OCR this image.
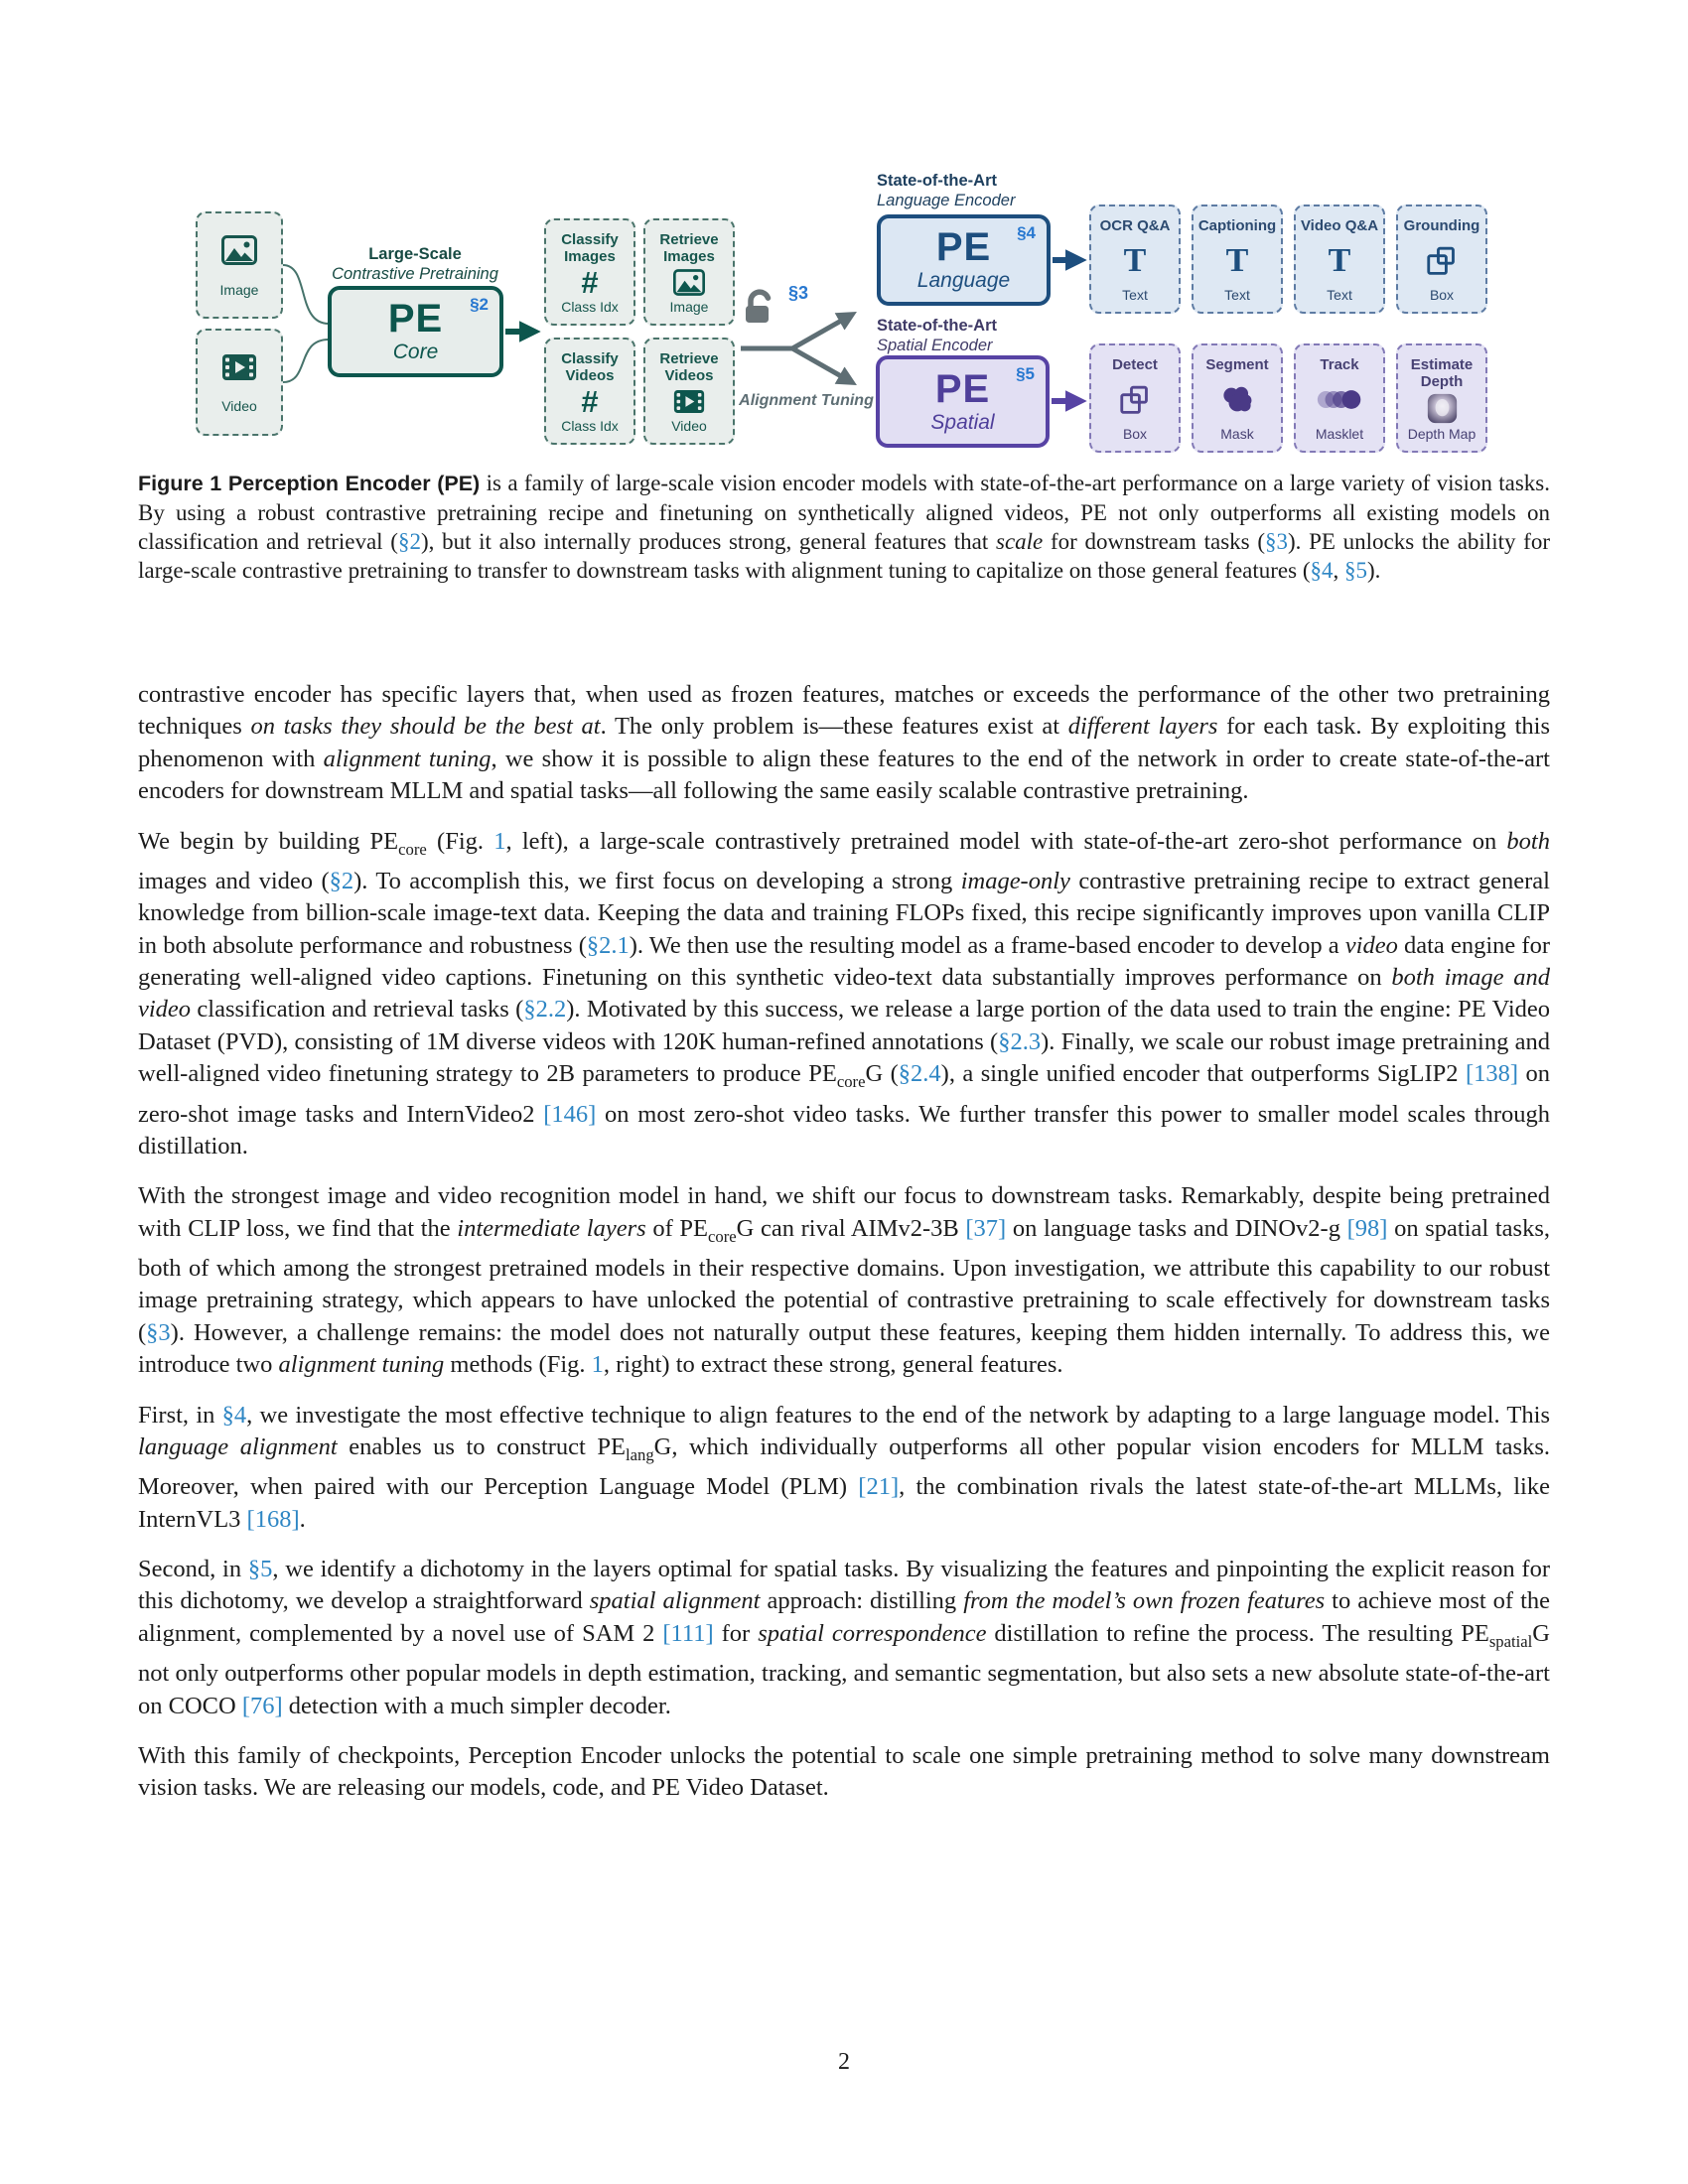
Image
Video
Large-Scale
Contrastive Pretraining
§2
PE
Core
Classify Images
#
Class Idx
Retrieve Images
Image
Classify Videos
#
Class Idx
Retrieve Videos
Video
§3
Alignment Tuning
State-of-the-Art
Language Encoder
§4
PE
Language
OCR Q&A
T
Text
Captioning
T
Text
Video Q&A
T
Text
Grounding
Box
State-of-the-Art
Spatial Encoder
§5
PE
Spatial
Detect
Box
Segment
Mask
Track
Masklet
Estimate Depth
Depth Map
Figure 1 Perception Encoder (PE) is a family of large-scale vision encoder models with state-of-the-art performance on a large variety of vision tasks. By using a robust contrastive pretraining recipe and finetuning on synthetically aligned videos, PE not only outperforms all existing models on classification and retrieval (§2), but it also internally produces strong, general features that scale for downstream tasks (§3). PE unlocks the ability for large-scale contrastive pretraining to transfer to downstream tasks with alignment tuning to capitalize on those general features (§4, §5).

contrastive encoder has specific layers that, when used as frozen features, matches or exceeds the performance of the other two pretraining techniques on tasks they should be the best at. The only problem is—these features exist at different layers for each task. By exploiting this phenomenon with alignment tuning, we show it is possible to align these features to the end of the network in order to create state-of-the-art encoders for downstream MLLM and spatial tasks—all following the same easily scalable contrastive pretraining.

We begin by building $PE_{core}$ (Fig. 1, left), a large-scale contrastively pretrained model with state-of-the-art zero-shot performance on both images and video (§2). To accomplish this, we first focus on developing a strong image-only contrastive pretraining recipe to extract general knowledge from billion-scale image-text data. Keeping the data and training FLOPs fixed, this recipe significantly improves upon vanilla CLIP in both absolute performance and robustness (§2.1). We then use the resulting model as a frame-based encoder to develop a video data engine for generating well-aligned video captions. Finetuning on this synthetic video-text data substantially improves performance on both image and video classification and retrieval tasks (§2.2). Motivated by this success, we release a large portion of the data used to train the engine: PE Video Dataset (PVD), consisting of 1M diverse videos with 120K human-refined annotations (§2.3). Finally, we scale our robust image pretraining and well-aligned video finetuning strategy to 2B parameters to produce $PE_{core}G$ (§2.4), a single unified encoder that outperforms SigLIP2 [138] on zero-shot image tasks and InternVideo2 [146] on most zero-shot video tasks. We further transfer this power to smaller model scales through distillation.

With the strongest image and video recognition model in hand, we shift our focus to downstream tasks. Remarkably, despite being pretrained with CLIP loss, we find that the intermediate layers of $PE_{core}G$ can rival AIMv2-3B [37] on language tasks and DINOv2-g [98] on spatial tasks, both of which among the strongest pretrained models in their respective domains. Upon investigation, we attribute this capability to our robust image pretraining strategy, which appears to have unlocked the potential of contrastive pretraining to scale effectively for downstream tasks (§3). However, a challenge remains: the model does not naturally output these features, keeping them hidden internally. To address this, we introduce two alignment tuning methods (Fig. 1, right) to extract these strong, general features.

First, in §4, we investigate the most effective technique to align features to the end of the network by adapting to a large language model. This language alignment enables us to construct $PE_{lang}G$, which individually outperforms all other popular vision encoders for MLLM tasks. Moreover, when paired with our Perception Language Model (PLM) [21], the combination rivals the latest state-of-the-art MLLMs, like InternVL3 [168].

Second, in §5, we identify a dichotomy in the layers optimal for spatial tasks. By visualizing the features and pinpointing the explicit reason for this dichotomy, we develop a straightforward spatial alignment approach: distilling from the model’s own frozen features to achieve most of the alignment, complemented by a novel use of SAM 2 [111] for spatial correspondence distillation to refine the process. The resulting $PE_{spatial}G$ not only outperforms other popular models in depth estimation, tracking, and semantic segmentation, but also sets a new absolute state-of-the-art on COCO [76] detection with a much simpler decoder.

With this family of checkpoints, Perception Encoder unlocks the potential to scale one simple pretraining method to solve many downstream vision tasks. We are releasing our models, code, and PE Video Dataset.

2
